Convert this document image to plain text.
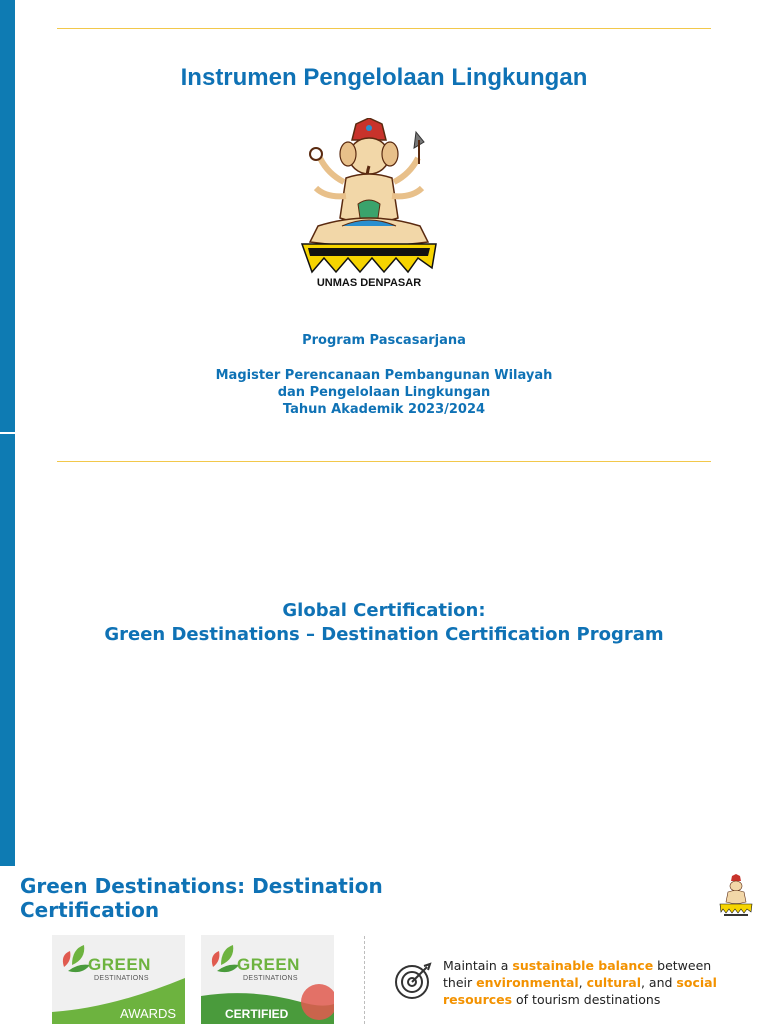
Instrumen Pengelolaan Lingkungan
UNMAS DENPASAR
Program Pascasarjana
Magister Perencanaan Pembangunan Wilayah
dan Pengelolaan Lingkungan
Tahun Akademik 2023/2024
Global Certification:
Green Destinations – Destination Certification Program
Green Destinations: Destination
Certification
GREEN
DESTINATIONS
AWARDS
GREEN
DESTINATIONS
CERTIFIED
Maintain a sustainable balance between their environmental, cultural, and social resources of tourism destinations
